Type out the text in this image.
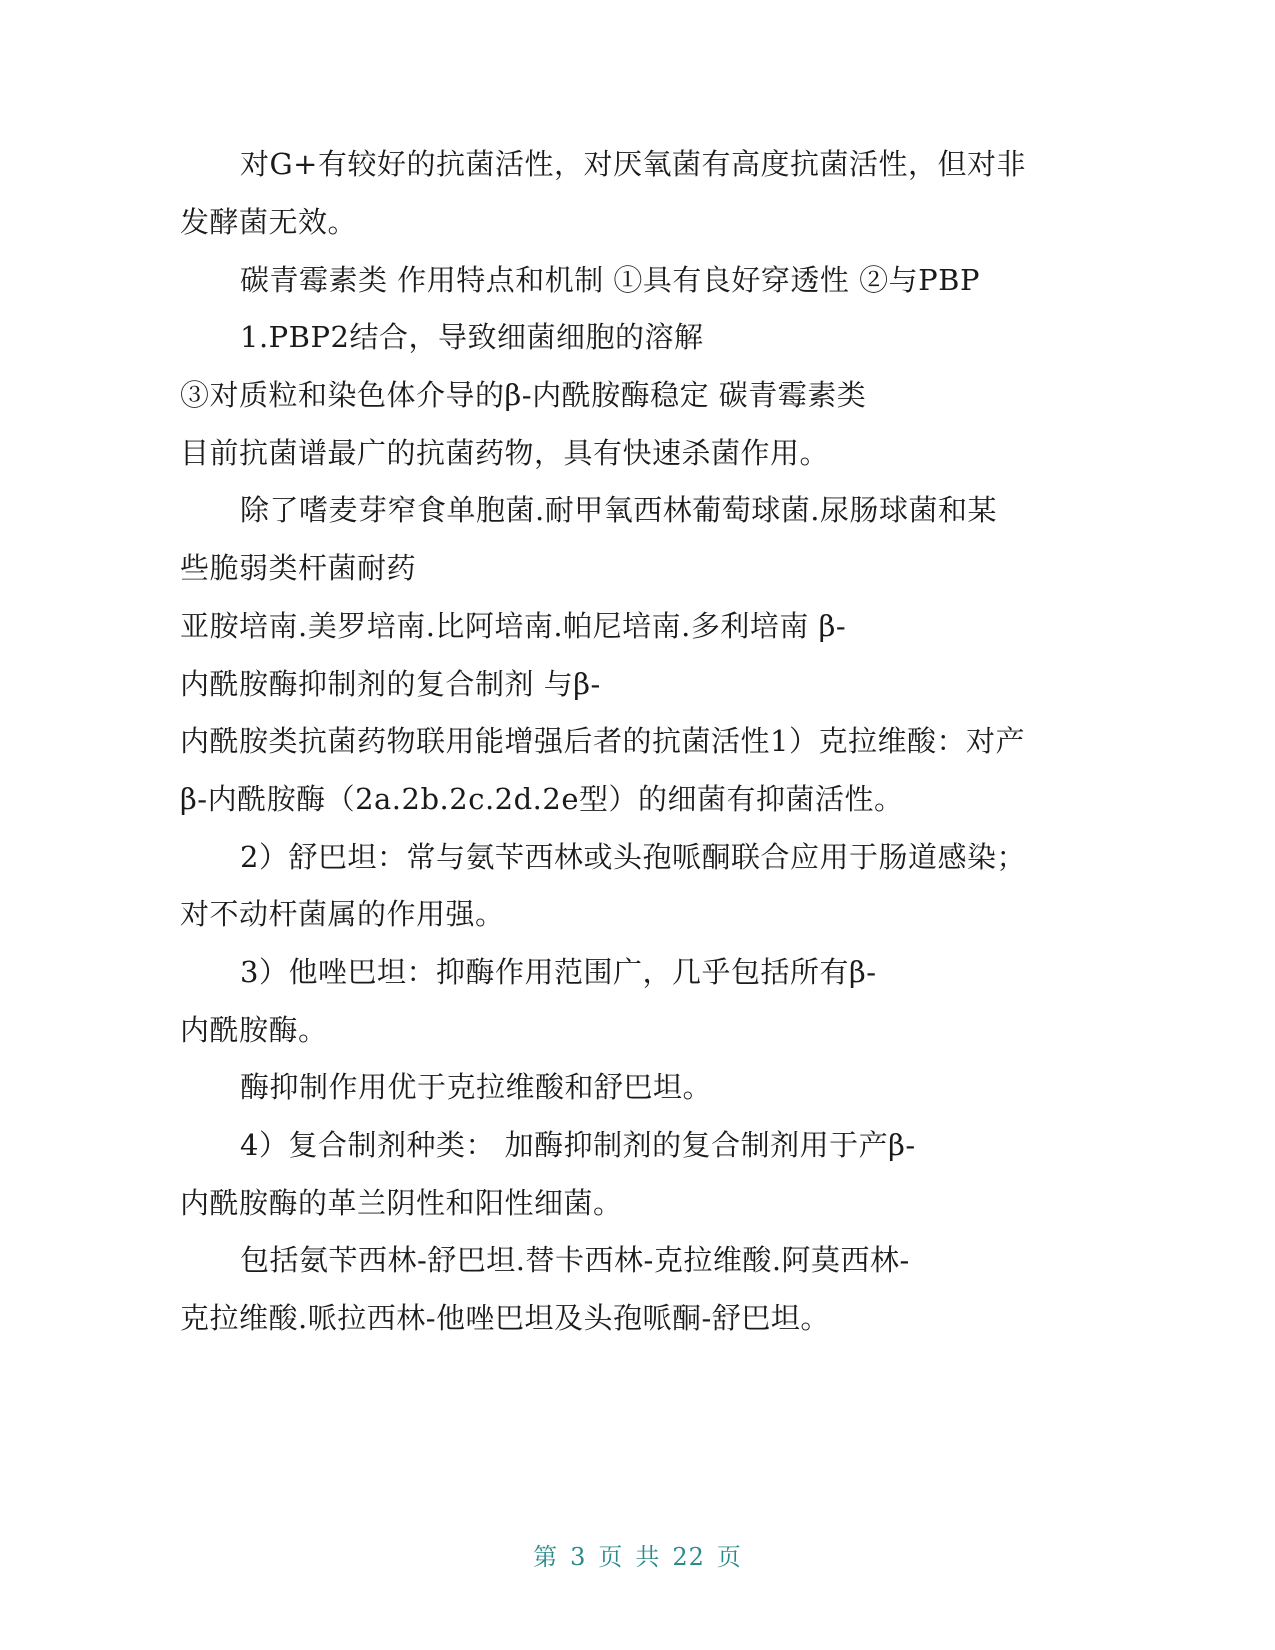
对G+有较好的抗菌活性，对厌氧菌有高度抗菌活性，但对非
发酵菌无效。
碳青霉素类 作用特点和机制 ①具有良好穿透性 ②与PBP
1.PBP2结合，导致细菌细胞的溶解
③对质粒和染色体介导的β-内酰胺酶稳定 碳青霉素类
目前抗菌谱最广的抗菌药物，具有快速杀菌作用。
除了嗜麦芽窄食单胞菌.耐甲氧西林葡萄球菌.尿肠球菌和某
些脆弱类杆菌耐药
亚胺培南.美罗培南.比阿培南.帕尼培南.多利培南 β-
内酰胺酶抑制剂的复合制剂 与β-
内酰胺类抗菌药物联用能增强后者的抗菌活性1）克拉维酸：对产
β-内酰胺酶（2a.2b.2c.2d.2e型）的细菌有抑菌活性。
2）舒巴坦：常与氨苄西林或头孢哌酮联合应用于肠道感染；
对不动杆菌属的作用强。
3）他唑巴坦：抑酶作用范围广，几乎包括所有β-
内酰胺酶。
酶抑制作用优于克拉维酸和舒巴坦。
4）复合制剂种类： 加酶抑制剂的复合制剂用于产β-
内酰胺酶的革兰阴性和阳性细菌。
包括氨苄西林-舒巴坦.替卡西林-克拉维酸.阿莫西林-
克拉维酸.哌拉西林-他唑巴坦及头孢哌酮-舒巴坦。
第 3 页 共 22 页
